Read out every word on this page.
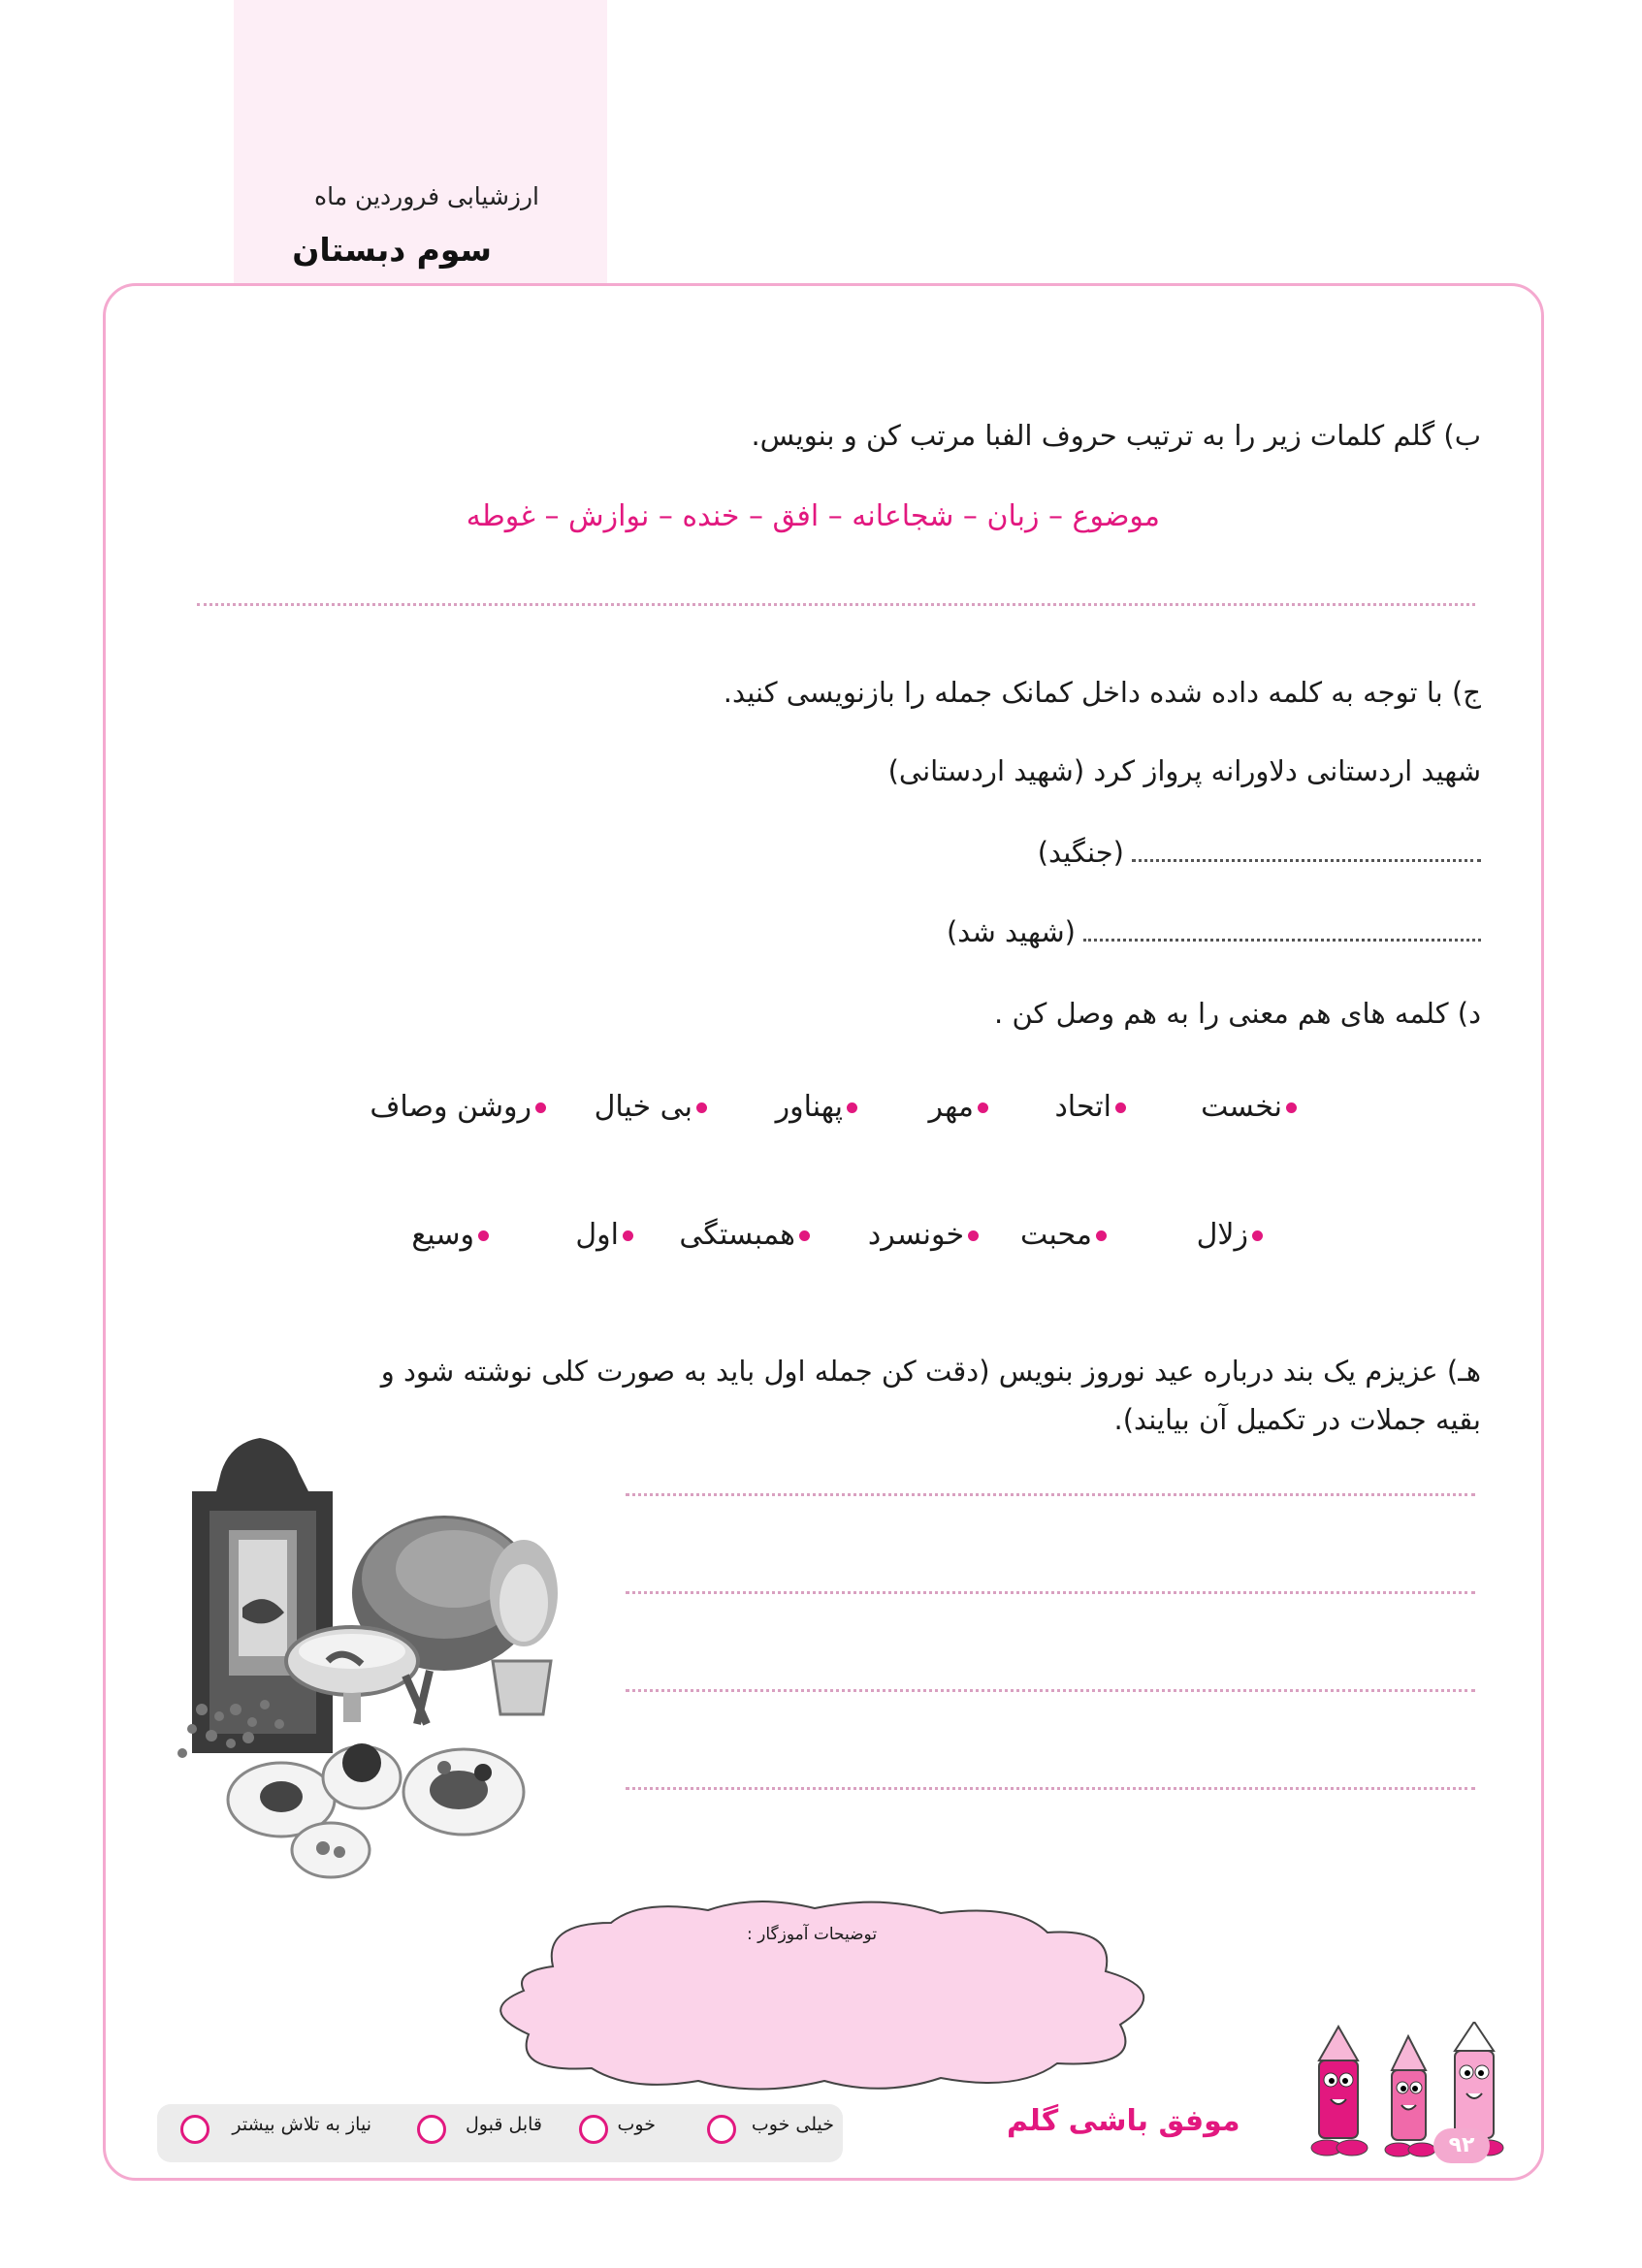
ارزشیابی فروردین ماه
سوم دبستان
ب) گلم کلمات زیر را به ترتیب حروف الفبا مرتب کن و بنویس.
موضوع – زبان – شجاعانه – افق – خنده – نوازش – غوطه
ج) با توجه به کلمه داده شده داخل کمانک جمله را بازنویسی کنید.
شهید اردستانی دلاورانه پرواز کرد (شهید اردستانی)
(جنگید)
(شهید شد)
د) کلمه های هم معنی را به هم وصل کن .
نخست
اتحاد
مهر
پهناور
بی خیال
روشن وصاف
زلال
محبت
خونسرد
همبستگی
اول
وسیع
هـ) عزیزم یک بند درباره عید نوروز بنویس (دقت کن جمله اول باید به صورت کلی نوشته شود و
بقیه جملات در تکمیل آن بیایند).
توضیحات آموزگار :
خیلی خوب
خوب
قابل قبول
نیاز به تلاش بیشتر	موفق باشی گلم
۹۲
